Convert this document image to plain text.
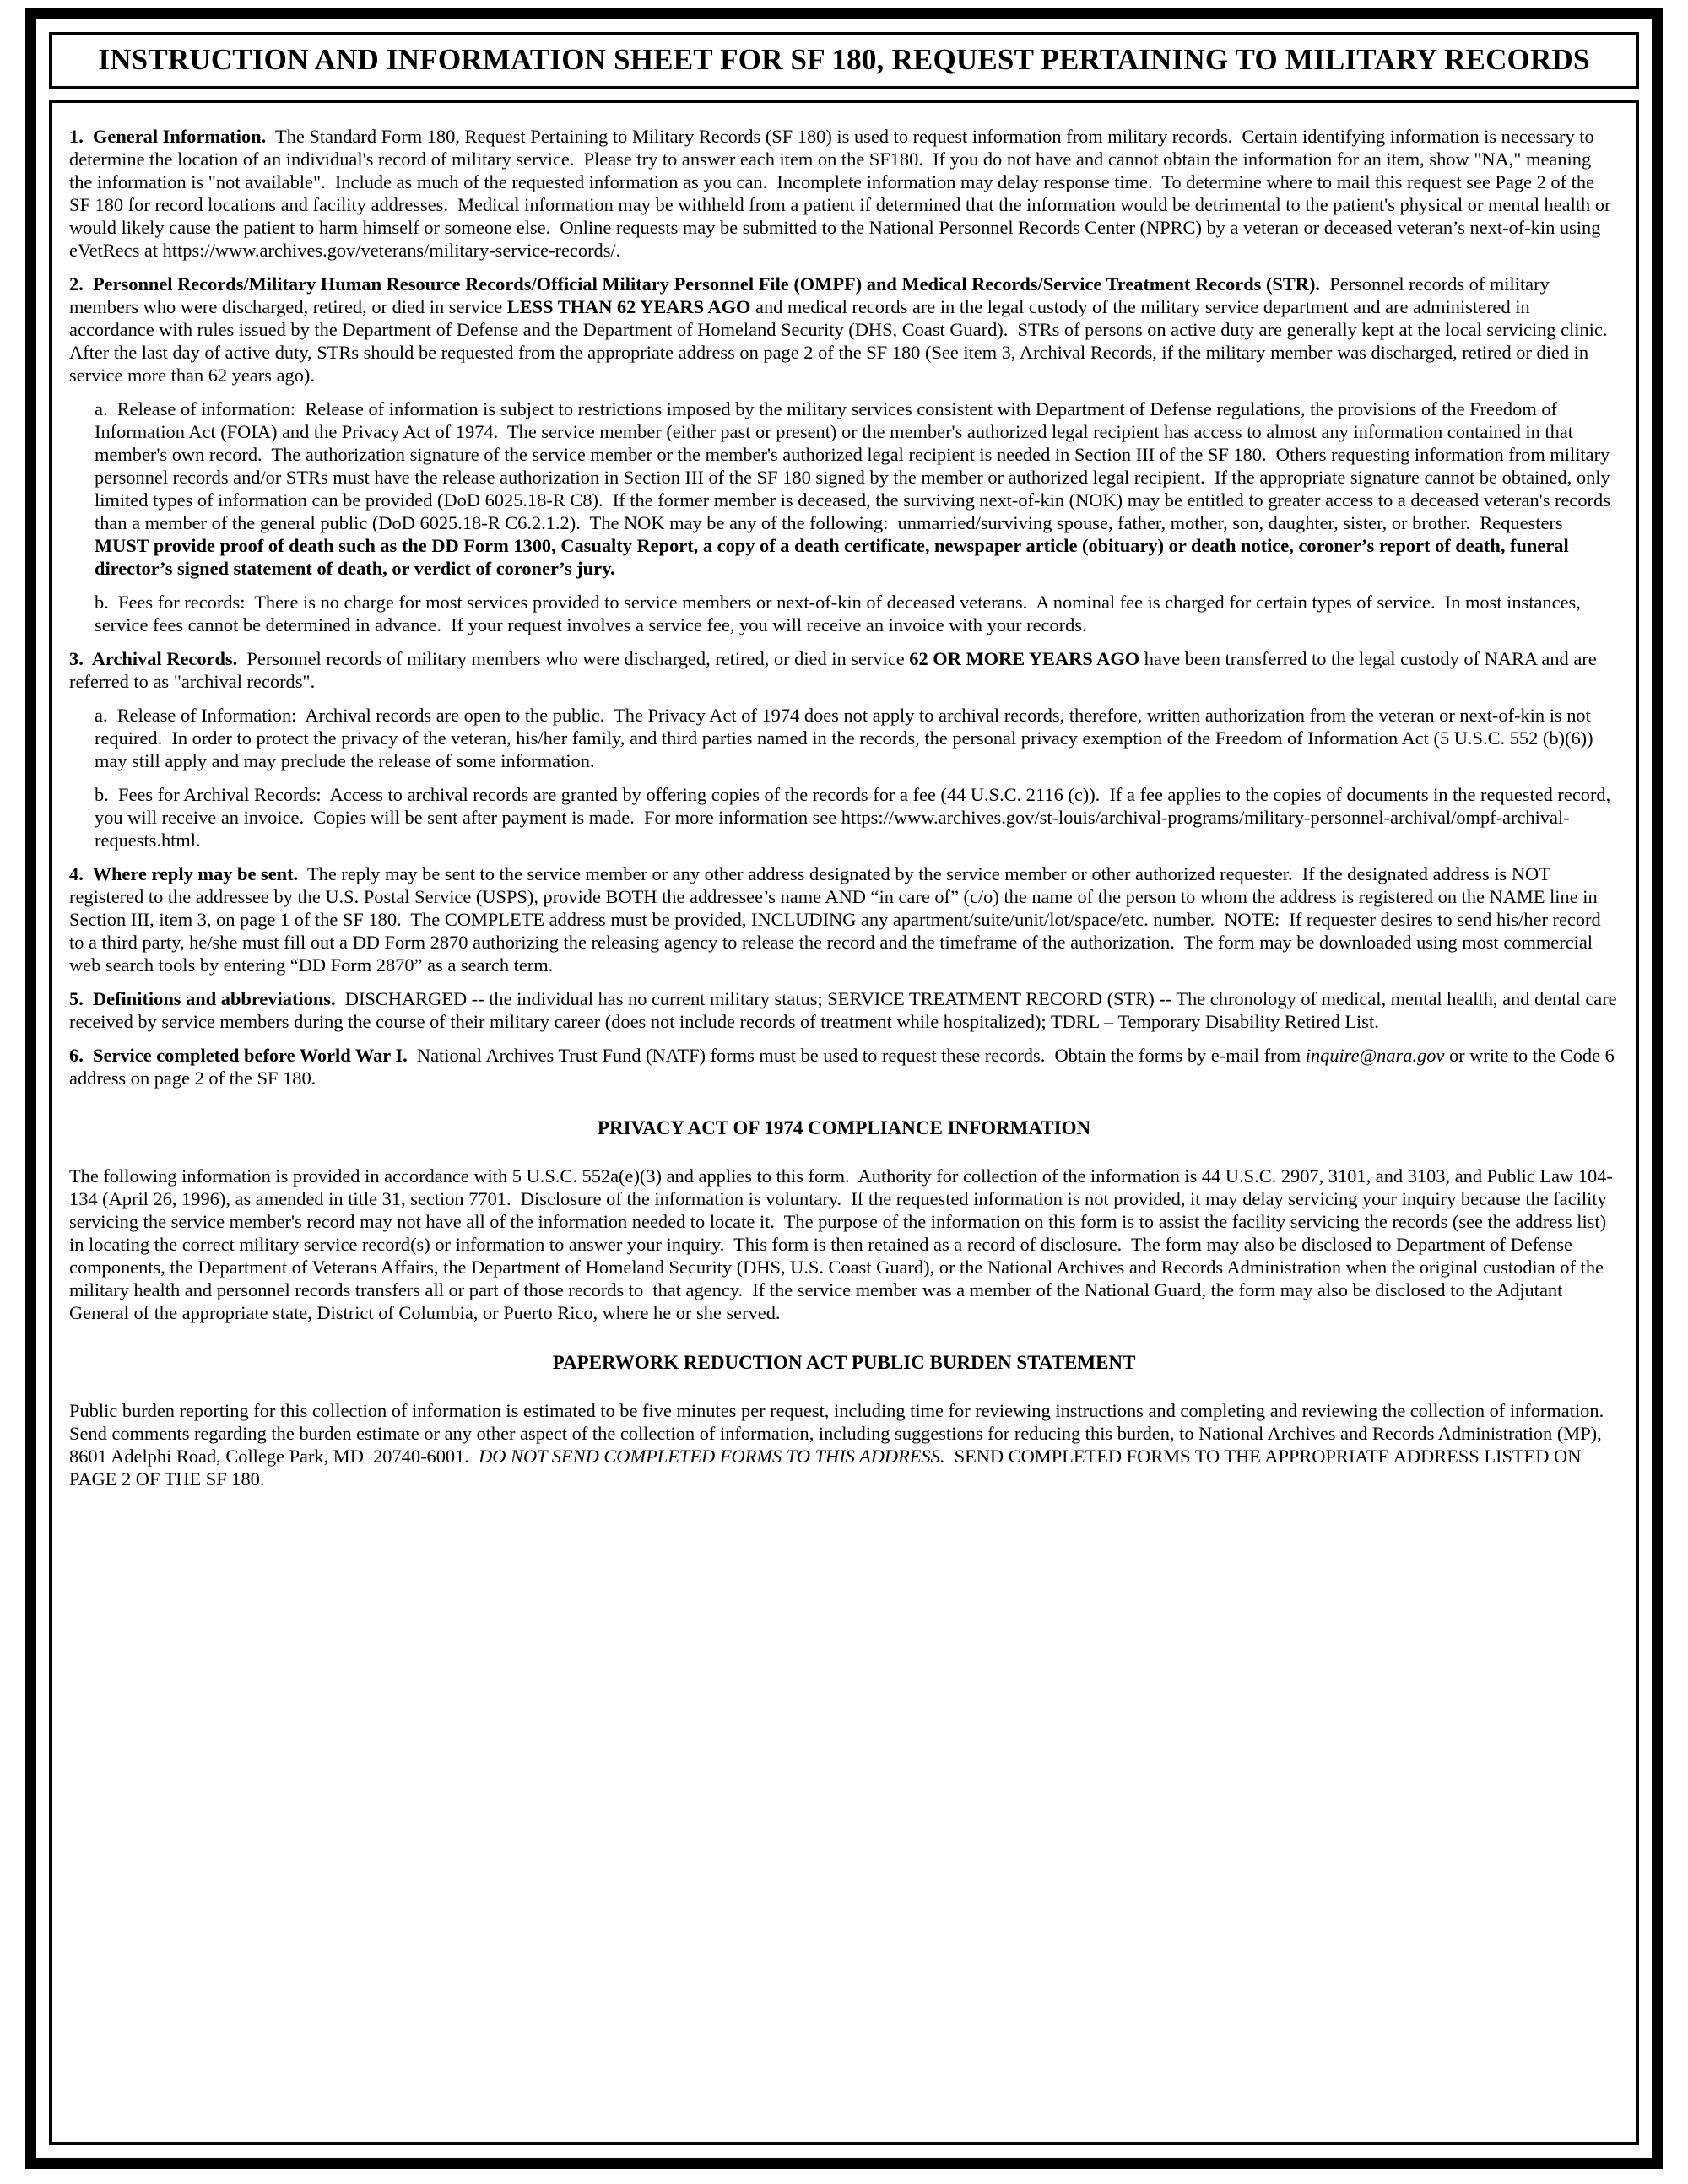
INSTRUCTION AND INFORMATION SHEET FOR SF 180, REQUEST PERTAINING TO MILITARY RECORDS

1.  General Information.  The Standard Form 180, Request Pertaining to Military Records (SF 180) is used to request information from military records.  Certain identifying information is necessary to determine the location of an individual's record of military service.  Please try to answer each item on the SF180.  If you do not have and cannot obtain the information for an item, show "NA," meaning the information is "not available".  Include as much of the requested information as you can.  Incomplete information may delay response time.  To determine where to mail this request see Page 2 of the SF 180 for record locations and facility addresses.  Medical information may be withheld from a patient if determined that the information would be detrimental to the patient's physical or mental health or would likely cause the patient to harm himself or someone else.  Online requests may be submitted to the National Personnel Records Center (NPRC) by a veteran or deceased veteran’s next-of-kin using eVetRecs at https://www.archives.gov/veterans/military-service-records/.

2.  Personnel Records/Military Human Resource Records/Official Military Personnel File (OMPF) and Medical Records/Service Treatment Records (STR).  Personnel records of military members who were discharged, retired, or died in service LESS THAN 62 YEARS AGO and medical records are in the legal custody of the military service department and are administered in accordance with rules issued by the Department of Defense and the Department of Homeland Security (DHS, Coast Guard).  STRs of persons on active duty are generally kept at the local servicing clinic.  After the last day of active duty, STRs should be requested from the appropriate address on page 2 of the SF 180 (See item 3, Archival Records, if the military member was discharged, retired or died in service more than 62 years ago).

a.  Release of information:  Release of information is subject to restrictions imposed by the military services consistent with Department of Defense regulations, the provisions of the Freedom of Information Act (FOIA) and the Privacy Act of 1974.  The service member (either past or present) or the member's authorized legal recipient has access to almost any information contained in that member's own record.  The authorization signature of the service member or the member's authorized legal recipient is needed in Section III of the SF 180.  Others requesting information from military personnel records and/or STRs must have the release authorization in Section III of the SF 180 signed by the member or authorized legal recipient.  If the appropriate signature cannot be obtained, only limited types of information can be provided (DoD 6025.18-R C8).  If the former member is deceased, the surviving next-of-kin (NOK) may be entitled to greater access to a deceased veteran's records than a member of the general public (DoD 6025.18-R C6.2.1.2).  The NOK may be any of the following:  unmarried/surviving spouse, father, mother, son, daughter, sister, or brother.  Requesters MUST provide proof of death such as the DD Form 1300, Casualty Report, a copy of a death certificate, newspaper article (obituary) or death notice, coroner’s report of death, funeral director’s signed statement of death, or verdict of coroner’s jury.

b.  Fees for records:  There is no charge for most services provided to service members or next-of-kin of deceased veterans.  A nominal fee is charged for certain types of service.  In most instances, service fees cannot be determined in advance.  If your request involves a service fee, you will receive an invoice with your records.

3.  Archival Records.  Personnel records of military members who were discharged, retired, or died in service 62 OR MORE YEARS AGO have been transferred to the legal custody of NARA and are referred to as "archival records".

a.  Release of Information:  Archival records are open to the public.  The Privacy Act of 1974 does not apply to archival records, therefore, written authorization from the veteran or next-of-kin is not required.  In order to protect the privacy of the veteran, his/her family, and third parties named in the records, the personal privacy exemption of the Freedom of Information Act (5 U.S.C. 552 (b)(6)) may still apply and may preclude the release of some information.

b.  Fees for Archival Records:  Access to archival records are granted by offering copies of the records for a fee (44 U.S.C. 2116 (c)).  If a fee applies to the copies of documents in the requested record, you will receive an invoice.  Copies will be sent after payment is made.  For more information see https://www.archives.gov/st-louis/archival-programs/military-personnel-archival/ompf-archival-requests.html.

4.  Where reply may be sent.  The reply may be sent to the service member or any other address designated by the service member or other authorized requester.  If the designated address is NOT registered to the addressee by the U.S. Postal Service (USPS), provide BOTH the addressee’s name AND “in care of” (c/o) the name of the person to whom the address is registered on the NAME line in Section III, item 3, on page 1 of the SF 180.  The COMPLETE address must be provided, INCLUDING any apartment/suite/unit/lot/space/etc. number.  NOTE:  If requester desires to send his/her record to a third party, he/she must fill out a DD Form 2870 authorizing the releasing agency to release the record and the timeframe of the authorization.  The form may be downloaded using most commercial web search tools by entering “DD Form 2870” as a search term.

5.  Definitions and abbreviations.  DISCHARGED -- the individual has no current military status; SERVICE TREATMENT RECORD (STR) -- The chronology of medical, mental health, and dental care received by service members during the course of their military career (does not include records of treatment while hospitalized); TDRL – Temporary Disability Retired List.

6.  Service completed before World War I.  National Archives Trust Fund (NATF) forms must be used to request these records.  Obtain the forms by e-mail from inquire@nara.gov or write to the Code 6 address on page 2 of the SF 180.

PRIVACY ACT OF 1974 COMPLIANCE INFORMATION

The following information is provided in accordance with 5 U.S.C. 552a(e)(3) and applies to this form.  Authority for collection of the information is 44 U.S.C. 2907, 3101, and 3103, and Public Law 104-134 (April 26, 1996), as amended in title 31, section 7701.  Disclosure of the information is voluntary.  If the requested information is not provided, it may delay servicing your inquiry because the facility servicing the service member's record may not have all of the information needed to locate it.  The purpose of the information on this form is to assist the facility servicing the records (see the address list) in locating the correct military service record(s) or information to answer your inquiry.  This form is then retained as a record of disclosure.  The form may also be disclosed to Department of Defense components, the Department of Veterans Affairs, the Department of Homeland Security (DHS, U.S. Coast Guard), or the National Archives and Records Administration when the original custodian of the military health and personnel records transfers all or part of those records to  that agency.  If the service member was a member of the National Guard, the form may also be disclosed to the Adjutant General of the appropriate state, District of Columbia, or Puerto Rico, where he or she served.

PAPERWORK REDUCTION ACT PUBLIC BURDEN STATEMENT

Public burden reporting for this collection of information is estimated to be five minutes per request, including time for reviewing instructions and completing and reviewing the collection of information.  Send comments regarding the burden estimate or any other aspect of the collection of information, including suggestions for reducing this burden, to National Archives and Records Administration (MP), 8601 Adelphi Road, College Park, MD  20740-6001.  DO NOT SEND COMPLETED FORMS TO THIS ADDRESS.  SEND COMPLETED FORMS TO THE APPROPRIATE ADDRESS LISTED ON PAGE 2 OF THE SF 180.
